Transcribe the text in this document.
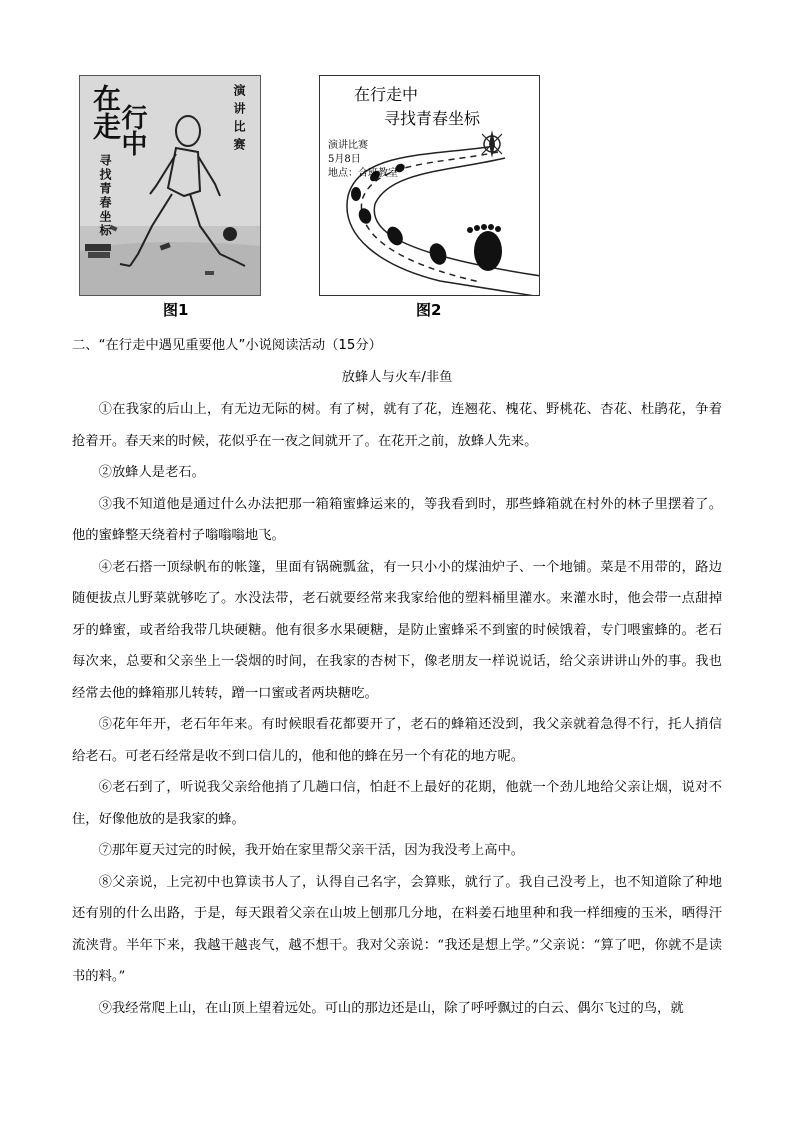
在走
行中
寻找青春坐标
演讲比赛
图1
在行走中
寻找青春坐标
演讲比赛
5月8日
地点：合班教室
图2
二、“在行走中遇见重要他人”小说阅读活动（15分）
放蜂人与火车/非鱼

①在我家的后山上，有无边无际的树。有了树，就有了花，连翘花、槐花、野桃花、杏花、杜鹃花，争着抢着开。春天来的时候，花似乎在一夜之间就开了。在花开之前，放蜂人先来。

②放蜂人是老石。

③我不知道他是通过什么办法把那一箱箱蜜蜂运来的，等我看到时，那些蜂箱就在村外的林子里摆着了。他的蜜蜂整天绕着村子嗡嗡嗡地飞。

④老石搭一顶绿帆布的帐篷，里面有锅碗瓢盆，有一只小小的煤油炉子、一个地铺。菜是不用带的，路边随便拔点儿野菜就够吃了。水没法带，老石就要经常来我家给他的塑料桶里灌水。来灌水时，他会带一点甜掉牙的蜂蜜，或者给我带几块硬糖。他有很多水果硬糖，是防止蜜蜂采不到蜜的时候饿着，专门喂蜜蜂的。老石每次来，总要和父亲坐上一袋烟的时间，在我家的杏树下，像老朋友一样说说话，给父亲讲讲山外的事。我也经常去他的蜂箱那儿转转，蹭一口蜜或者两块糖吃。

⑤花年年开，老石年年来。有时候眼看花都要开了，老石的蜂箱还没到，我父亲就着急得不行，托人捎信给老石。可老石经常是收不到口信儿的，他和他的蜂在另一个有花的地方呢。

⑥老石到了，听说我父亲给他捎了几趟口信，怕赶不上最好的花期，他就一个劲儿地给父亲让烟，说对不住，好像他放的是我家的蜂。

⑦那年夏天过完的时候，我开始在家里帮父亲干活，因为我没考上高中。

⑧父亲说，上完初中也算读书人了，认得自己名字，会算账，就行了。我自己没考上，也不知道除了种地还有别的什么出路，于是，每天跟着父亲在山坡上刨那几分地，在料姜石地里种和我一样细瘦的玉米，晒得汗流浃背。半年下来，我越干越丧气，越不想干。我对父亲说：“我还是想上学。”父亲说：“算了吧，你就不是读书的料。”

⑨我经常爬上山，在山顶上望着远处。可山的那边还是山，除了呼呼飘过的白云、偶尔飞过的鸟，就
